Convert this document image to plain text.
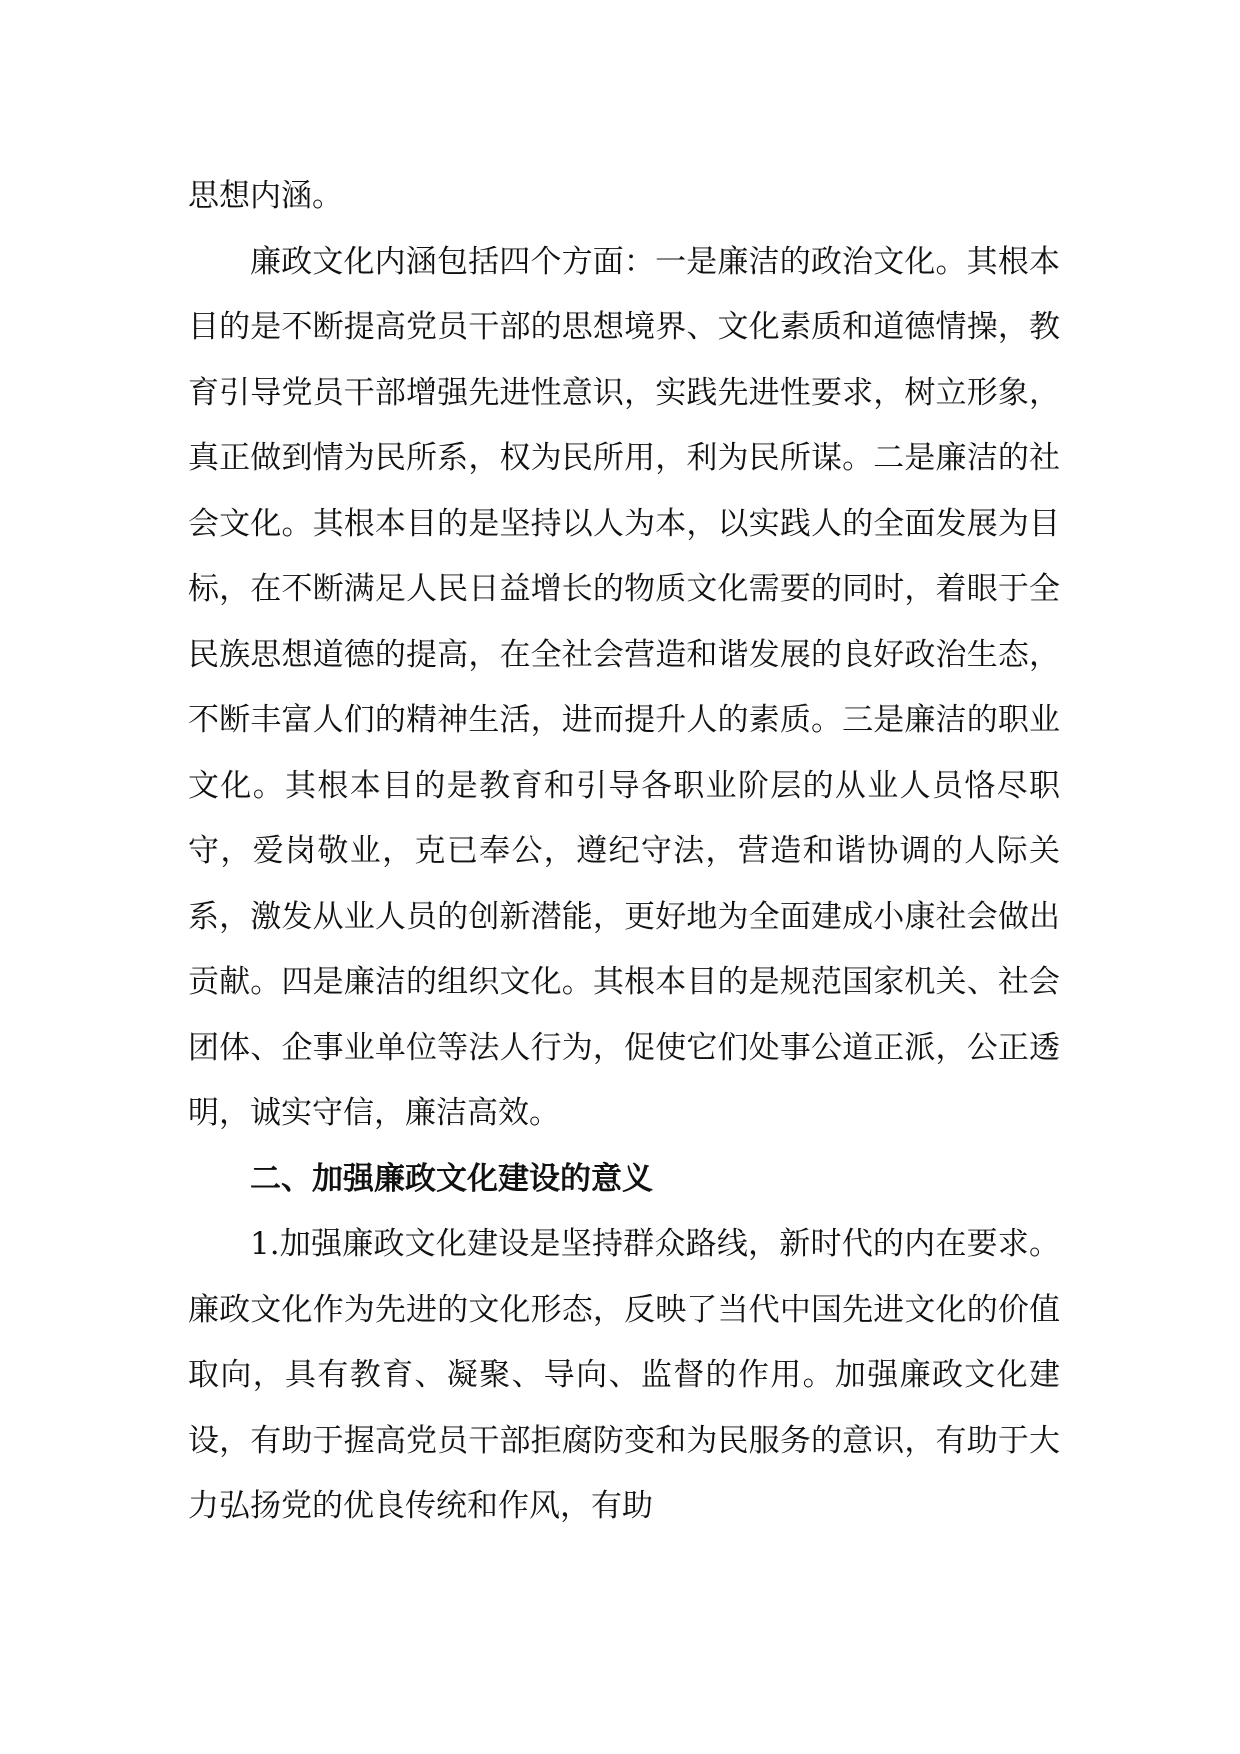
思想内涵。

廉政文化内涵包括四个方面：一是廉洁的政治文化。其根本目的是不断提高党员干部的思想境界、文化素质和道德情操，教育引导党员干部增强先进性意识，实践先进性要求，树立形象，真正做到情为民所系，权为民所用，利为民所谋。二是廉洁的社会文化。其根本目的是坚持以人为本，以实践人的全面发展为目标，在不断满足人民日益增长的物质文化需要的同时，着眼于全民族思想道德的提高，在全社会营造和谐发展的良好政治生态，不断丰富人们的精神生活，进而提升人的素质。三是廉洁的职业文化。其根本目的是教育和引导各职业阶层的从业人员恪尽职守，爱岗敬业，克已奉公，遵纪守法，营造和谐协调的人际关系，激发从业人员的创新潜能，更好地为全面建成小康社会做出贡献。四是廉洁的组织文化。其根本目的是规范国家机关、社会团体、企事业单位等法人行为，促使它们处事公道正派，公正透明，诚实守信，廉洁高效。

二、加强廉政文化建设的意义

1.加强廉政文化建设是坚持群众路线，新时代的内在要求。廉政文化作为先进的文化形态，反映了当代中国先进文化的价值取向，具有教育、凝聚、导向、监督的作用。加强廉政文化建设，有助于握高党员干部拒腐防变和为民服务的意识，有助于大力弘扬党的优良传统和作风，有助
